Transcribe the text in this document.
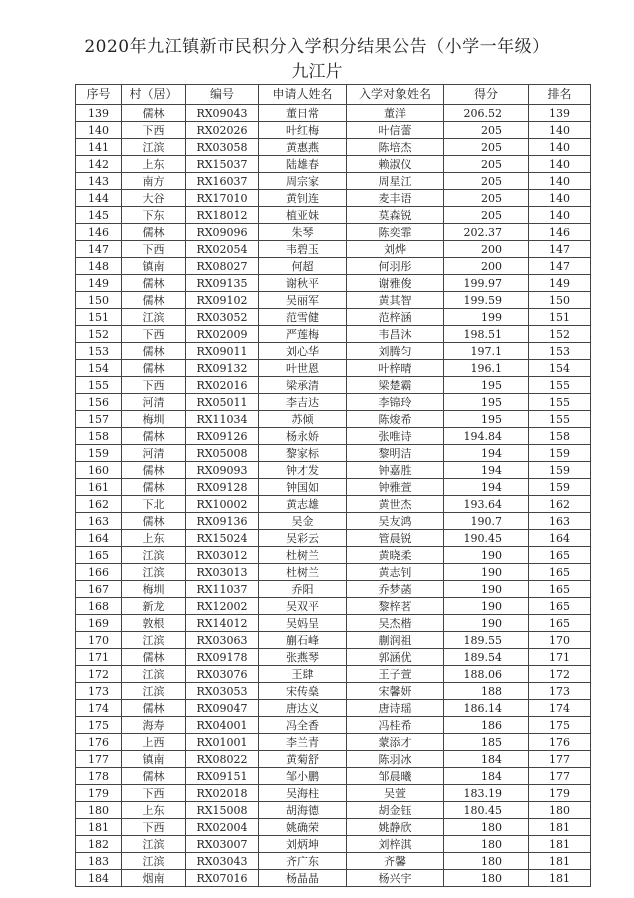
2020年九江镇新市民积分入学积分结果公告（小学一年级）
九江片
序号	村（居）	编号	申请人姓名	入学对象姓名	得分	排名
139	儒林	RX09043	董日常	董洋	206.52	139
140	下西	RX02026	叶红梅	叶信蕾	205	140
141	江滨	RX03058	黄惠燕	陈培杰	205	140
142	上东	RX15037	陆雄春	赖淑仪	205	140
143	南方	RX16037	周宗家	周星江	205	140
144	大谷	RX17010	黄钊连	麦丰语	205	140
145	下东	RX18012	植亚妹	莫森锐	205	140
146	儒林	RX09096	朱琴	陈奕霏	202.37	146
147	下西	RX02054	韦碧玉	刘烨	200	147
148	镇南	RX08027	何超	何羽彤	200	147
149	儒林	RX09135	谢秋平	谢雅俊	199.97	149
150	儒林	RX09102	吴丽军	黄其智	199.59	150
151	江滨	RX03052	范雪健	范梓涵	199	151
152	下西	RX02009	严莲梅	韦昌沐	198.51	152
153	儒林	RX09011	刘心华	刘腾匀	197.1	153
154	儒林	RX09132	叶世恩	叶梓晴	196.1	154
155	下西	RX02016	梁承清	梁楚霸	195	155
156	河清	RX05011	李吉达	李锦玲	195	155
157	梅圳	RX11034	苏倾	陈焌希	195	155
158	儒林	RX09126	杨永娇	张唯诗	194.84	158
159	河清	RX05008	黎家标	黎明洁	194	159
160	儒林	RX09093	钟才发	钟嘉胜	194	159
161	儒林	RX09128	钟国如	钟雅萱	194	159
162	下北	RX10002	黄志雄	黄世杰	193.64	162
163	儒林	RX09136	吴金	吴友鸿	190.7	163
164	上东	RX15024	吴彩云	管晨锐	190.45	164
165	江滨	RX03012	杜树兰	黄晓柔	190	165
166	江滨	RX03013	杜树兰	黄志钊	190	165
167	梅圳	RX11037	乔阳	乔梦菡	190	165
168	新龙	RX12002	吴双平	黎梓茗	190	165
169	敦根	RX14012	吴妈呈	吴杰楷	190	165
170	江滨	RX03063	蒯石峰	蒯润祖	189.55	170
171	儒林	RX09178	张燕琴	郭涵优	189.54	171
172	江滨	RX03076	王肆	王子萱	188.06	172
173	江滨	RX03053	宋传燊	宋馨妍	188	173
174	儒林	RX09047	唐达义	唐诗瑶	186.14	174
175	海寿	RX04001	冯全香	冯桂希	186	175
176	上西	RX01001	李兰青	蒙添才	185	176
177	镇南	RX08022	黄菊舒	陈羽冰	184	177
178	儒林	RX09151	邹小鹏	邹晨曦	184	177
179	下西	RX02018	吴海柱	吴萱	183.19	179
180	上东	RX15008	胡海德	胡金钰	180.45	180
181	下西	RX02004	姚确荣	姚静欣	180	181
182	江滨	RX03007	刘炳坤	刘梓淇	180	181
183	江滨	RX03043	齐广东	齐馨	180	181
184	烟南	RX07016	杨晶晶	杨兴宇	180	181
